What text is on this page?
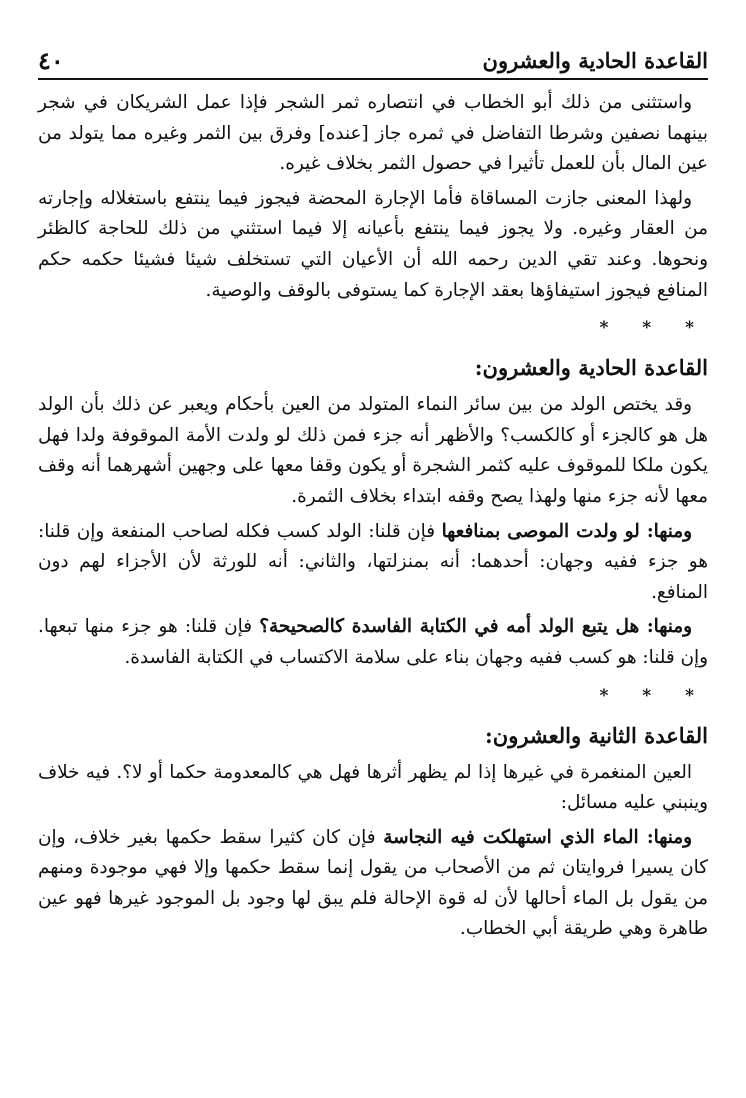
القاعدة الحادية والعشرون
٤٠

واستثنى من ذلك أبو الخطاب في انتصاره ثمر الشجر فإذا عمل الشريكان في شجر بينهما نصفين وشرطا التفاضل في ثمره جاز [عنده] وفرق بين الثمر وغيره مما يتولد من عين المال بأن للعمل تأثيرا في حصول الثمر بخلاف غيره.

ولهذا المعنى جازت المساقاة فأما الإجارة المحضة فيجوز فيما ينتفع باستغلاله وإجارته من العقار وغيره. ولا يجوز فيما ينتفع بأعيانه إلا فيما استثني من ذلك للحاجة كالظئر ونحوها. وعند تقي الدين رحمه الله أن الأعيان التي تستخلف شيئا فشيئا حكمه حكم المنافع فيجوز استيفاؤها بعقد الإجارة كما يستوفى بالوقف والوصية.

* * *
القاعدة الحادية والعشرون:

وقد يختص الولد من بين سائر النماء المتولد من العين بأحكام ويعبر عن ذلك بأن الولد هل هو كالجزء أو كالكسب؟ والأظهر أنه جزء فمن ذلك لو ولدت الأمة الموقوفة ولدا فهل يكون ملكا للموقوف عليه كثمر الشجرة أو يكون وقفا معها على وجهين أشهرهما أنه وقف معها لأنه جزء منها ولهذا يصح وقفه ابتداء بخلاف الثمرة.

ومنها: لو ولدت الموصى بمنافعها فإن قلنا: الولد كسب فكله لصاحب المنفعة وإن قلنا: هو جزء ففيه وجهان: أحدهما: أنه بمنزلتها، والثاني: أنه للورثة لأن الأجزاء لهم دون المنافع.

ومنها: هل يتبع الولد أمه في الكتابة الفاسدة كالصحيحة؟ فإن قلنا: هو جزء منها تبعها. وإن قلنا: هو كسب ففيه وجهان بناء على سلامة الاكتساب في الكتابة الفاسدة.

* * *
القاعدة الثانية والعشرون:

العين المنغمرة في غيرها إذا لم يظهر أثرها فهل هي كالمعدومة حكما أو لا؟. فيه خلاف وينبني عليه مسائل:

ومنها: الماء الذي استهلكت فيه النجاسة فإن كان كثيرا سقط حكمها بغير خلاف، وإن كان يسيرا فروايتان ثم من الأصحاب من يقول إنما سقط حكمها وإلا فهي موجودة ومنهم من يقول بل الماء أحالها لأن له قوة الإحالة فلم يبق لها وجود بل الموجود غيرها فهو عين طاهرة وهي طريقة أبي الخطاب.
